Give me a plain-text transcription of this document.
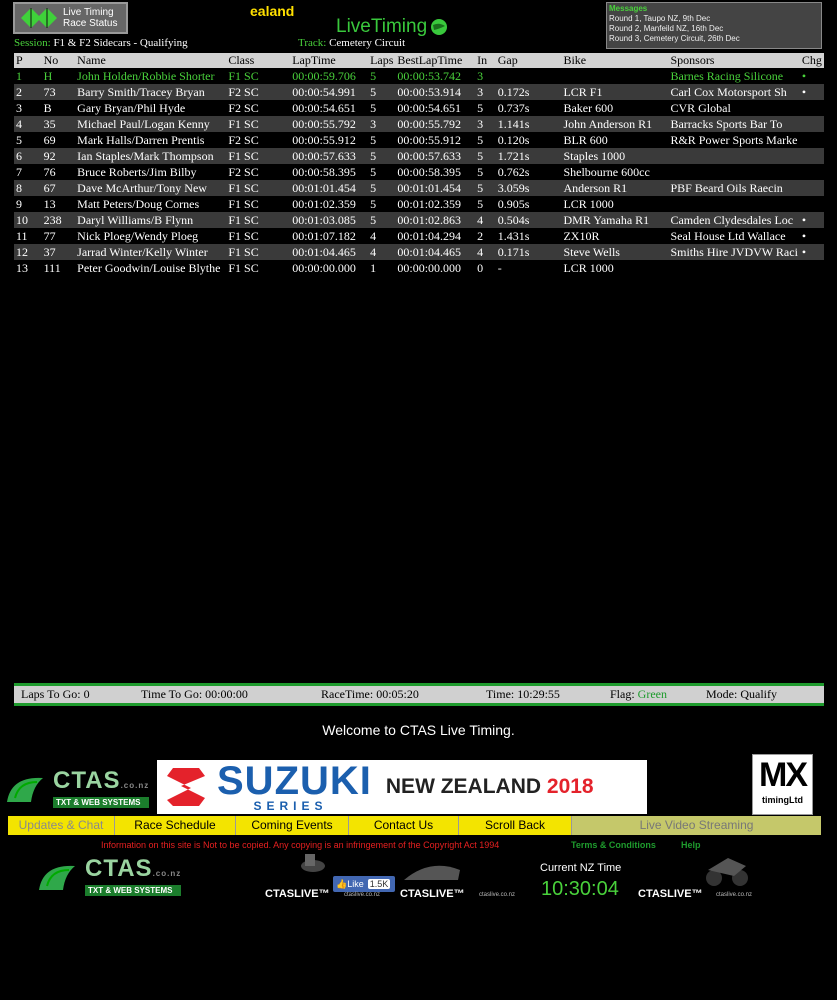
Live Timing
Race Status
ealand
LiveTiming
Session: F1 & F2 Sidecars - Qualifying	Track: Cemetery Circuit
Messages
Round 1, Taupo NZ, 9th Dec
Round 2, Manfeild NZ, 16th Dec
Round 3, Cemetery Circuit, 26th Dec
P	No	Name	Class	LapTime	Laps	BestLapTime	In	Gap	Bike	Sponsors	Chg
1	H	John Holden/Robbie Shorter	F1 SC	00:00:59.706	5	00:00:53.742	3			Barnes Racing Silicone	•
2	73	Barry Smith/Tracey Bryan	F2 SC	00:00:54.991	5	00:00:53.914	3	0.172s	LCR F1	Carl Cox Motorsport Sh	•
3	B	Gary Bryan/Phil Hyde	F2 SC	00:00:54.651	5	00:00:54.651	5	0.737s	Baker 600	CVR Global	
4	35	Michael Paul/Logan Kenny	F1 SC	00:00:55.792	3	00:00:55.792	3	1.141s	John Anderson R1	Barracks Sports Bar To	
5	69	Mark Halls/Darren Prentis	F2 SC	00:00:55.912	5	00:00:55.912	5	0.120s	BLR 600	R&R Power Sports Marke	
6	92	Ian Staples/Mark Thompson	F1 SC	00:00:57.633	5	00:00:57.633	5	1.721s	Staples 1000		
7	76	Bruce Roberts/Jim Bilby	F2 SC	00:00:58.395	5	00:00:58.395	5	0.762s	Shelbourne 600cc		
8	67	Dave McArthur/Tony New	F1 SC	00:01:01.454	5	00:01:01.454	5	3.059s	Anderson R1	PBF Beard Oils Raecin	
9	13	Matt Peters/Doug Cornes	F1 SC	00:01:02.359	5	00:01:02.359	5	0.905s	LCR 1000		
10	238	Daryl Williams/B Flynn	F1 SC	00:01:03.085	5	00:01:02.863	4	0.504s	DMR Yamaha R1	Camden Clydesdales Loc	•
11	77	Nick Ploeg/Wendy Ploeg	F1 SC	00:01:07.182	4	00:01:04.294	2	1.431s	ZX10R	Seal House Ltd Wallace	•
12	37	Jarrad Winter/Kelly Winter	F1 SC	00:01:04.465	4	00:01:04.465	4	0.171s	Steve Wells	Smiths Hire JVDVW Raci	•
13	111	Peter Goodwin/Louise Blythe	F1 SC	00:00:00.000	1	00:00:00.000	0	-	LCR 1000		
Laps To Go: 0	Time To Go: 00:00:00	RaceTime: 00:05:20	Time: 10:29:55	Flag: Green	Mode: Qualify
Welcome to CTAS Live Timing.
CTAS.co.nz
TXT & WEB SYSTEMS SUZUKI
SERIES
NEW ZEALAND 2018	MX
timingLtd
Updates & Chat	Race Schedule	Coming Events	Contact Us	Scroll Back	Live Video Streaming
Information on this site is Not to be copied. Any copying is an infringement of the Copyright Act 1994	Terms & Conditions	Help
CTAS.co.nz
TXT & WEB SYSTEMS	CTASLIVE™
👍 Like 1.5K
ctaslive.co.nz CTASLIVE™ ctaslive.co.nz
Current NZ Time
10:30:04 CTASLIVE™ ctaslive.co.nz
